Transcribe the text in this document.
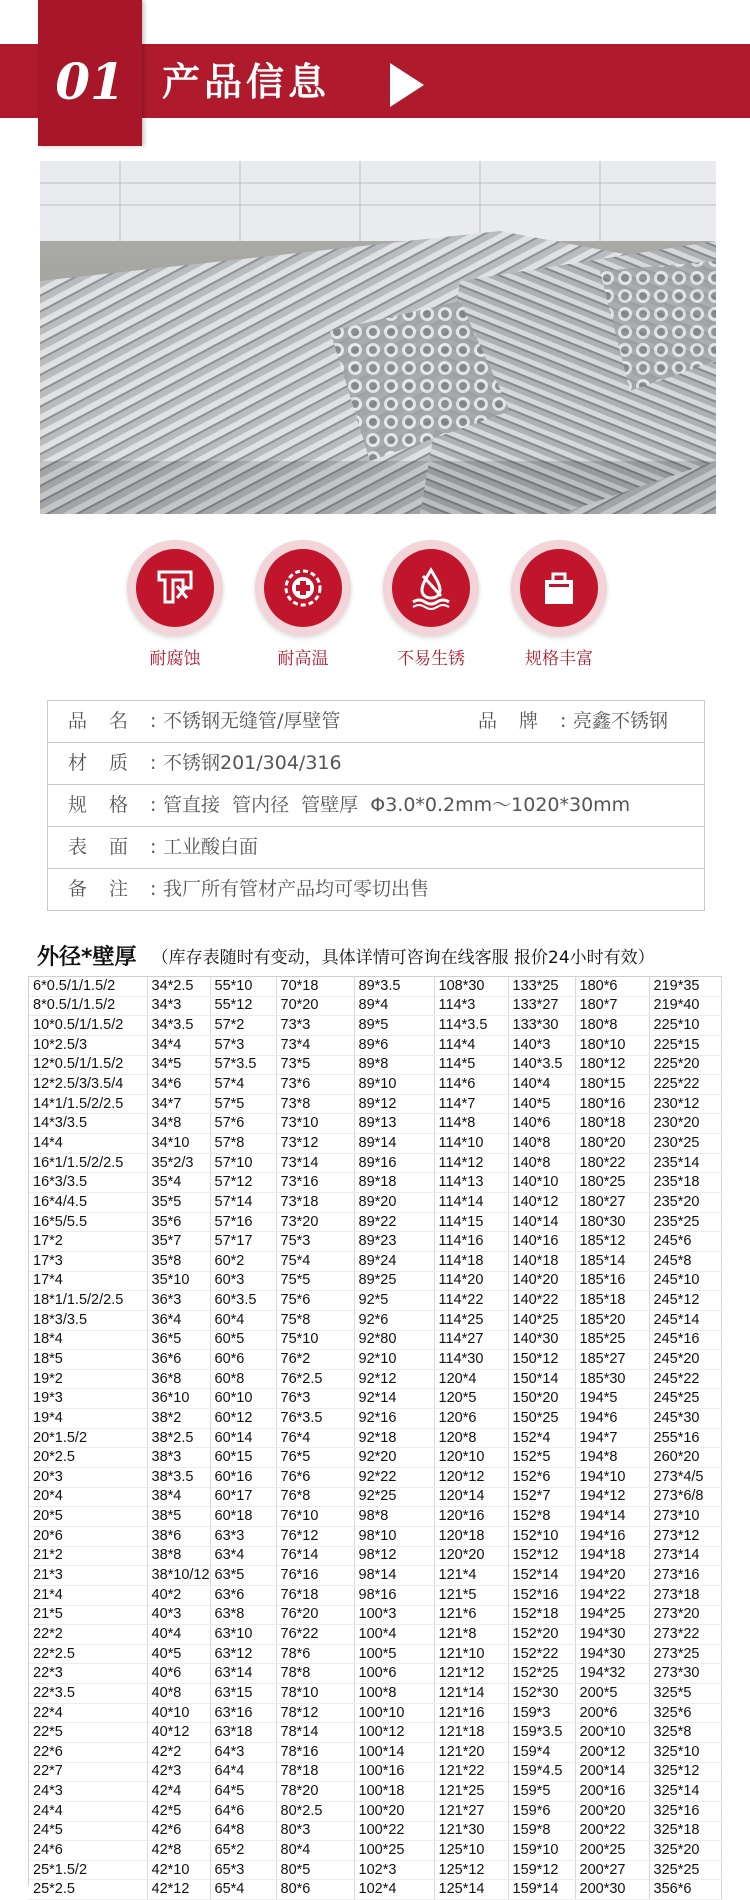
01 产品信息
耐腐蚀	耐高温	不易生锈	规格丰富
品名:
不锈钢无缝管/厚壁管	品牌:
亮鑫不锈钢
材质:
不锈钢201/304/316
规格:
管直接  管内径  管壁厚  Φ3.0*0.2mm～1020*30mm
表面:
工业酸白面
备注:
我厂所有管材产品均可零切出售
外径*壁厚 （库存表随时有变动，具体详情可咨询在线客服 报价24小时有效）
6*0.5/1/1.5/2	34*2.5	55*10	70*18	89*3.5	108*30	133*25	180*6	219*35
8*0.5/1/1.5/2	34*3	55*12	70*20	89*4	114*3	133*27	180*7	219*40
10*0.5/1/1.5/2	34*3.5	57*2	73*3	89*5	114*3.5	133*30	180*8	225*10
10*2.5/3	34*4	57*3	73*4	89*6	114*4	140*3	180*10	225*15
12*0.5/1/1.5/2	34*5	57*3.5	73*5	89*8	114*5	140*3.5	180*12	225*20
12*2.5/3/3.5/4	34*6	57*4	73*6	89*10	114*6	140*4	180*15	225*22
14*1/1.5/2/2.5	34*7	57*5	73*8	89*12	114*7	140*5	180*16	230*12
14*3/3.5	34*8	57*6	73*10	89*13	114*8	140*6	180*18	230*20
14*4	34*10	57*8	73*12	89*14	114*10	140*8	180*20	230*25
16*1/1.5/2/2.5	35*2/3	57*10	73*14	89*16	114*12	140*8	180*22	235*14
16*3/3.5	35*4	57*12	73*16	89*18	114*13	140*10	180*25	235*18
16*4/4.5	35*5	57*14	73*18	89*20	114*14	140*12	180*27	235*20
16*5/5.5	35*6	57*16	73*20	89*22	114*15	140*14	180*30	235*25
17*2	35*7	57*17	75*3	89*23	114*16	140*16	185*12	245*6
17*3	35*8	60*2	75*4	89*24	114*18	140*18	185*14	245*8
17*4	35*10	60*3	75*5	89*25	114*20	140*20	185*16	245*10
18*1/1.5/2/2.5	36*3	60*3.5	75*6	92*5	114*22	140*22	185*18	245*12
18*3/3.5	36*4	60*4	75*8	92*6	114*25	140*25	185*20	245*14
18*4	36*5	60*5	75*10	92*80	114*27	140*30	185*25	245*16
18*5	36*6	60*6	76*2	92*10	114*30	150*12	185*27	245*20
19*2	36*8	60*8	76*2.5	92*12	120*4	150*14	185*30	245*22
19*3	36*10	60*10	76*3	92*14	120*5	150*20	194*5	245*25
19*4	38*2	60*12	76*3.5	92*16	120*6	150*25	194*6	245*30
20*1.5/2	38*2.5	60*14	76*4	92*18	120*8	152*4	194*7	255*16
20*2.5	38*3	60*15	76*5	92*20	120*10	152*5	194*8	260*20
20*3	38*3.5	60*16	76*6	92*22	120*12	152*6	194*10	273*4/5
20*4	38*4	60*17	76*8	92*25	120*14	152*7	194*12	273*6/8
20*5	38*5	60*18	76*10	98*8	120*16	152*8	194*14	273*10
20*6	38*6	63*3	76*12	98*10	120*18	152*10	194*16	273*12
21*2	38*8	63*4	76*14	98*12	120*20	152*12	194*18	273*14
21*3	38*10/12	63*5	76*16	98*14	121*4	152*14	194*20	273*16
21*4	40*2	63*6	76*18	98*16	121*5	152*16	194*22	273*18
21*5	40*3	63*8	76*20	100*3	121*6	152*18	194*25	273*20
22*2	40*4	63*10	76*22	100*4	121*8	152*20	194*30	273*22
22*2.5	40*5	63*12	78*6	100*5	121*10	152*22	194*30	273*25
22*3	40*6	63*14	78*8	100*6	121*12	152*25	194*32	273*30
22*3.5	40*8	63*15	78*10	100*8	121*14	152*30	200*5	325*5
22*4	40*10	63*16	78*12	100*10	121*16	159*3	200*6	325*6
22*5	40*12	63*18	78*14	100*12	121*18	159*3.5	200*10	325*8
22*6	42*2	64*3	78*16	100*14	121*20	159*4	200*12	325*10
22*7	42*3	64*4	78*18	100*16	121*22	159*4.5	200*14	325*12
24*3	42*4	64*5	78*20	100*18	121*25	159*5	200*16	325*14
24*4	42*5	64*6	80*2.5	100*20	121*27	159*6	200*20	325*16
24*5	42*6	64*8	80*3	100*22	121*30	159*8	200*22	325*18
24*6	42*8	65*2	80*4	100*25	125*10	159*10	200*25	325*20
25*1.5/2	42*10	65*3	80*5	102*3	125*12	159*12	200*27	325*25
25*2.5	42*12	65*4	80*6	102*4	125*14	159*14	200*30	356*6
